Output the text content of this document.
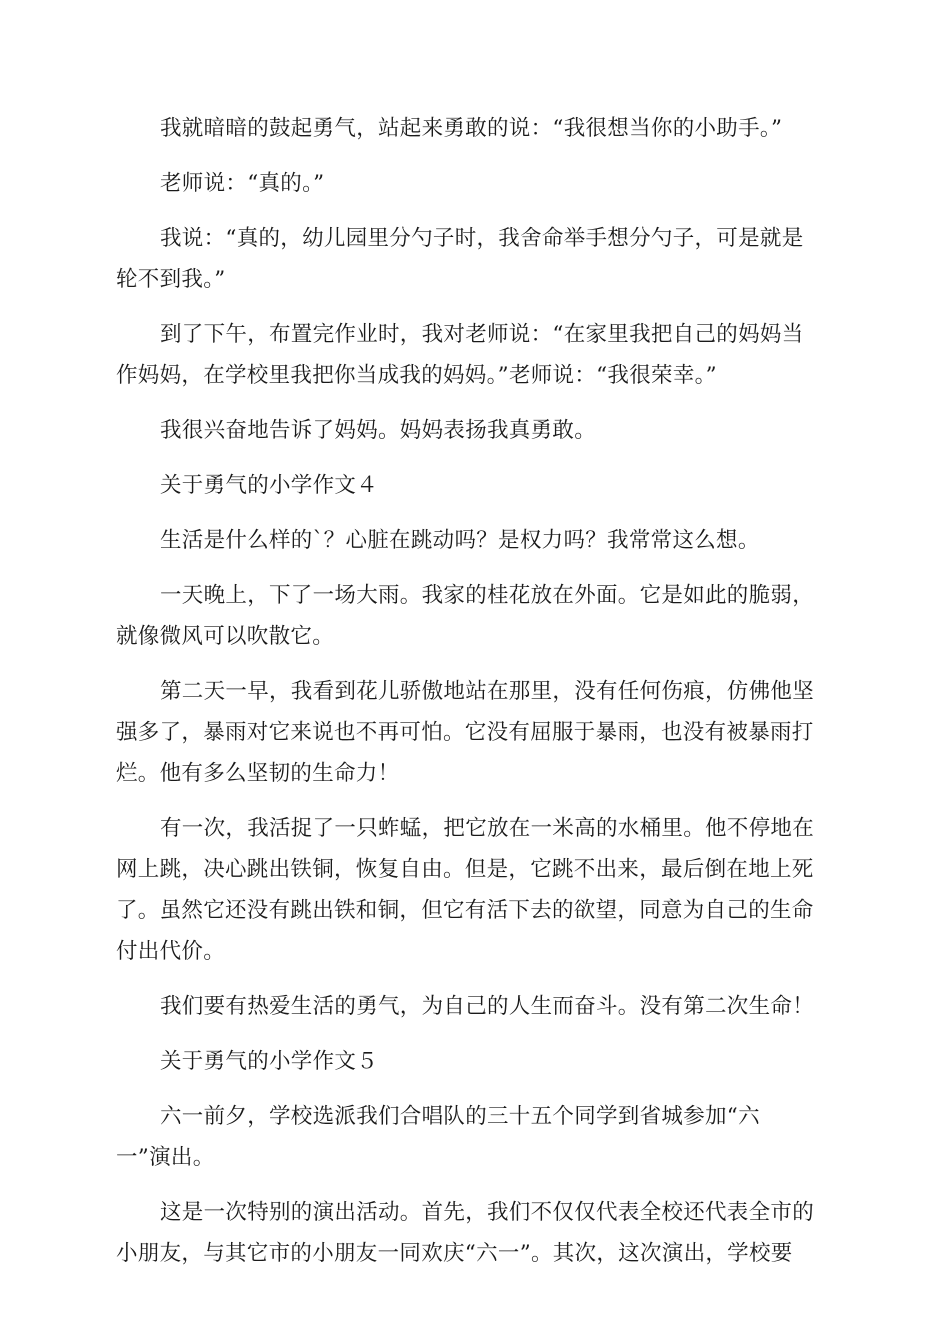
我就暗暗的鼓起勇气，站起来勇敢的说：“我很想当你的小助手。”
老师说：“真的。”
我说：“真的，幼儿园里分勺子时，我舍命举手想分勺子，可是就是
轮不到我。”
到了下午，布置完作业时，我对老师说：“在家里我把自己的妈妈当
作妈妈，在学校里我把你当成我的妈妈。”老师说：“我很荣幸。”
我很兴奋地告诉了妈妈。妈妈表扬我真勇敢。
关于勇气的小学作文４
生活是什么样的`？心脏在跳动吗？是权力吗？我常常这么想。
一天晚上，下了一场大雨。我家的桂花放在外面。它是如此的脆弱，
就像微风可以吹散它。
第二天一早，我看到花儿骄傲地站在那里，没有任何伤痕，仿佛他坚
强多了，暴雨对它来说也不再可怕。它没有屈服于暴雨，也没有被暴雨打
烂。他有多么坚韧的生命力！
有一次，我活捉了一只蚱蜢，把它放在一米高的水桶里。他不停地在
网上跳，决心跳出铁铜，恢复自由。但是，它跳不出来，最后倒在地上死
了。虽然它还没有跳出铁和铜，但它有活下去的欲望，同意为自己的生命
付出代价。
我们要有热爱生活的勇气，为自己的人生而奋斗。没有第二次生命！
关于勇气的小学作文５
六一前夕，学校选派我们合唱队的三十五个同学到省城参加“六
一”演出。
这是一次特别的演出活动。首先，我们不仅仅代表全校还代表全市的
小朋友，与其它市的小朋友一同欢庆“六一”。其次，这次演出，学校要
